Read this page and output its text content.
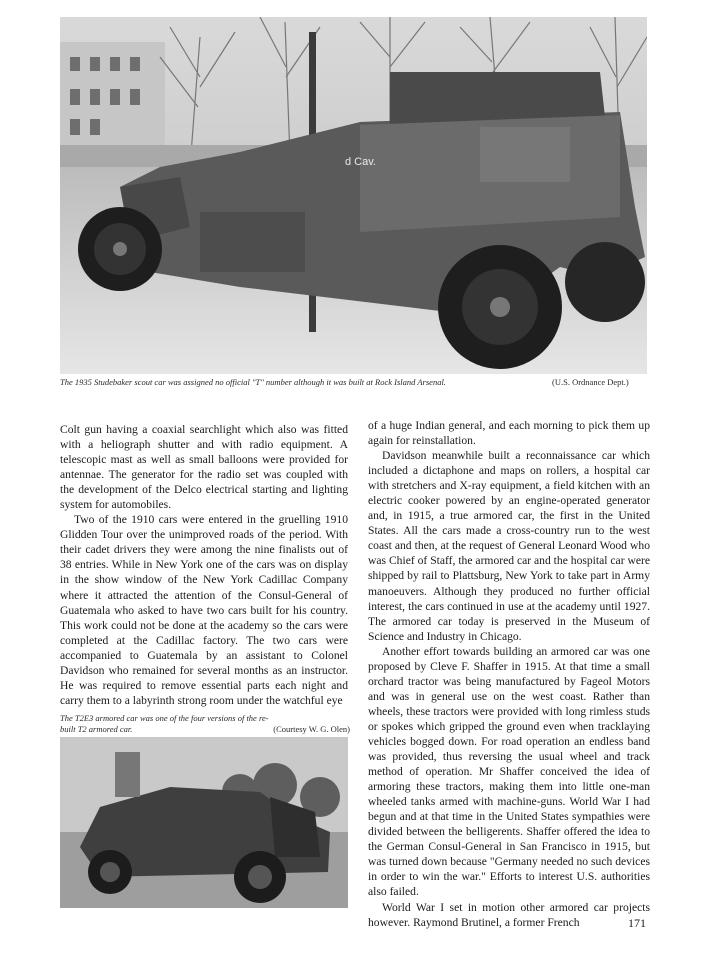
d Cav.
The 1935 Studebaker scout car was assigned no official "T" number although it was built at Rock Island Arsenal.	(U.S. Ordnance Dept.)

Colt gun having a coaxial searchlight which also was fitted with a heliograph shutter and with radio equipment. A telescopic mast as well as small balloons were provided for antennae. The generator for the radio set was coupled with the development of the Delco electrical starting and lighting system for automobiles.

Two of the 1910 cars were entered in the gruelling 1910 Glidden Tour over the unimproved roads of the period. With their cadet drivers they were among the nine finalists out of 38 entries. While in New York one of the cars was on display in the show window of the New York Cadillac Company where it attracted the attention of the Consul-General of Guatemala who asked to have two cars built for his country. This work could not be done at the academy so the cars were completed at the Cadillac factory. The two cars were accompanied to Guatemala by an assistant to Colonel Davidson who remained for several months as an instructor. He was required to remove essential parts each night and carry them to a labyrinth strong room under the watchful eye

The T2E3 armored car was one of the four versions of the re-built T2 armored car.	(Courtesy W. G. Olen)

of a huge Indian general, and each morning to pick them up again for reinstallation.

Davidson meanwhile built a reconnaissance car which included a dictaphone and maps on rollers, a hospital car with stretchers and X-ray equipment, a field kitchen with an electric cooker powered by an engine-operated generator and, in 1915, a true armored car, the first in the United States. All the cars made a cross-country run to the west coast and then, at the request of General Leonard Wood who was Chief of Staff, the armored car and the hospital car were shipped by rail to Plattsburg, New York to take part in Army manoeuvers. Although they produced no further official interest, the cars continued in use at the academy until 1927. The armored car today is preserved in the Museum of Science and Industry in Chicago.

Another effort towards building an armored car was one proposed by Cleve F. Shaffer in 1915. At that time a small orchard tractor was being manufactured by Fageol Motors and was in general use on the west coast. Rather than wheels, these tractors were provided with long rimless studs or spokes which gripped the ground even when tracklaying vehicles bogged down. For road operation an endless band was provided, thus reversing the usual wheel and track method of operation. Mr Shaffer conceived the idea of armoring these tractors, making them into little one-man wheeled tanks armed with machine-guns. World War I had begun and at that time in the United States sympathies were divided between the belligerents. Shaffer offered the idea to the German Consul-General in San Francisco in 1915, but was turned down because "Germany needed no such devices in order to win the war." Efforts to interest U.S. authorities also failed.

World War I set in motion other armored car projects however. Raymond Brutinel, a former French	171
